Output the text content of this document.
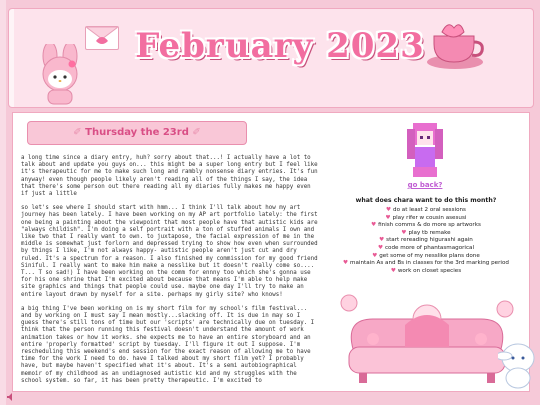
February 2023
✐ Thursday the 23rd ✐

a long time since a diary entry, huh? sorry about that...! I actually have a lot to talk about and update you guys on... this might be a super long entry but I feel like it's therapeutic for me to make such long and rambly nonsense diary entries. It's fun anyway! even though people likely aren't reading all of the things I say, the idea that there's some person out there reading all my diaries fully makes me happy even if just a little

so let's see where I should start with hmm... I think I'll talk about how my art journey has been lately. I have been working on my AP art portfolio lately: the first one being a painting about the viewpoint that most people have that autistic kids are "always childish". I'm doing a self portrait with a ton of stuffed animals I own and like two that I really want to own. to juxtapose, the facial expression of me in the middle is somewhat just forlorn and depressed trying to show how even when surrounded by things I like, I'm not always happy- autistic people aren't just cut and dry ruled. It's a spectrum for a reason. I also finished my commission for my good friend Siniful. I really want to make him make a nesslike but it doesn't really come so.... T... T so sad!) I have been working on the comm for ennny too which she's gonna use for his one shrine that I'm excited about because that means I'm able to help make site graphics and things that people could use. maybe one day I'll try to make an entire layout drawn by myself for a site. perhaps my girly site? who knows!

a big thing I've been working on is my short film for my school's film festival... and by working on I must say I mean mostly...slacking off. It is due in may so I guess there's still tons of time but our 'scripts' are technically due on tuesday. I think that the person running this festival doesn't understand the amount of work animation takes or how it works. she expects me to have an entire storyboard and an entire 'properly formatted' script by tuesday. I'll figure it out I suppose. I'm rescheduling this weekend's end session for the exact reason of allowing me to have time for the work I need to do. have I talked about my short film yet? I probably have, but maybe haven't specified what it's about. It's a semi autobiographical memoir of my childhood as an undiagnosed autistic kid and my struggles with the school system. so far, it has been pretty therapeutic. I'm excited to

go back?
what does chara want to do this month?
♥ do at least 2 oral sessions
♥ play rifer w cousin asesusi
♥ finish comms & do more sp artworks
♥ play tb remake
♥ start rereading higurashi again
♥ code more of phantasmagorical
♥ get some of my nesslike plans done
♥ maintain As and Bs in classes for the 3rd marking period
♥ work on closet species
